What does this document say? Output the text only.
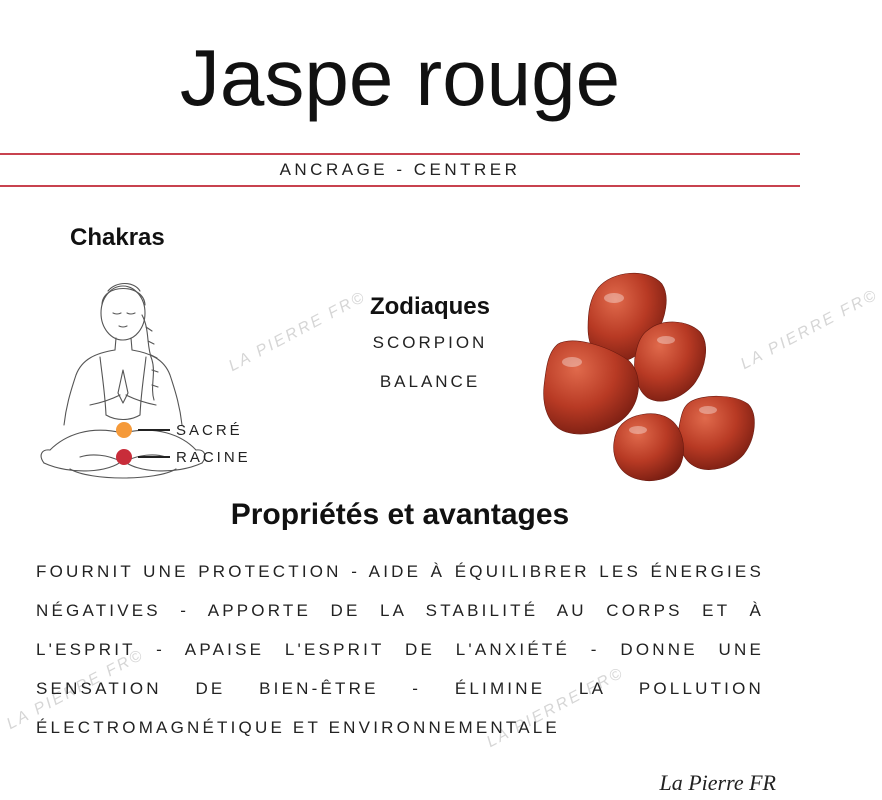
Jaspe rouge
ANCRAGE - CENTRER
Chakras
SACRÉ
RACINE
Zodiaques
SCORPION
BALANCE
LA PIERRE FR©	LA PIERRE FR©
LA PIERRE FR©	LA PIERRE FR©
Propriétés et avantages
FOURNIT UNE PROTECTION - AIDE À ÉQUILIBRER LES ÉNERGIES NÉGATIVES - APPORTE DE LA STABILITÉ AU CORPS ET À L'ESPRIT - APAISE L'ESPRIT DE L'ANXIÉTÉ - DONNE UNE SENSATION DE BIEN-ÊTRE - ÉLIMINE LA POLLUTION ÉLECTROMAGNÉTIQUE ET ENVIRONNEMENTALE
La Pierre FR
